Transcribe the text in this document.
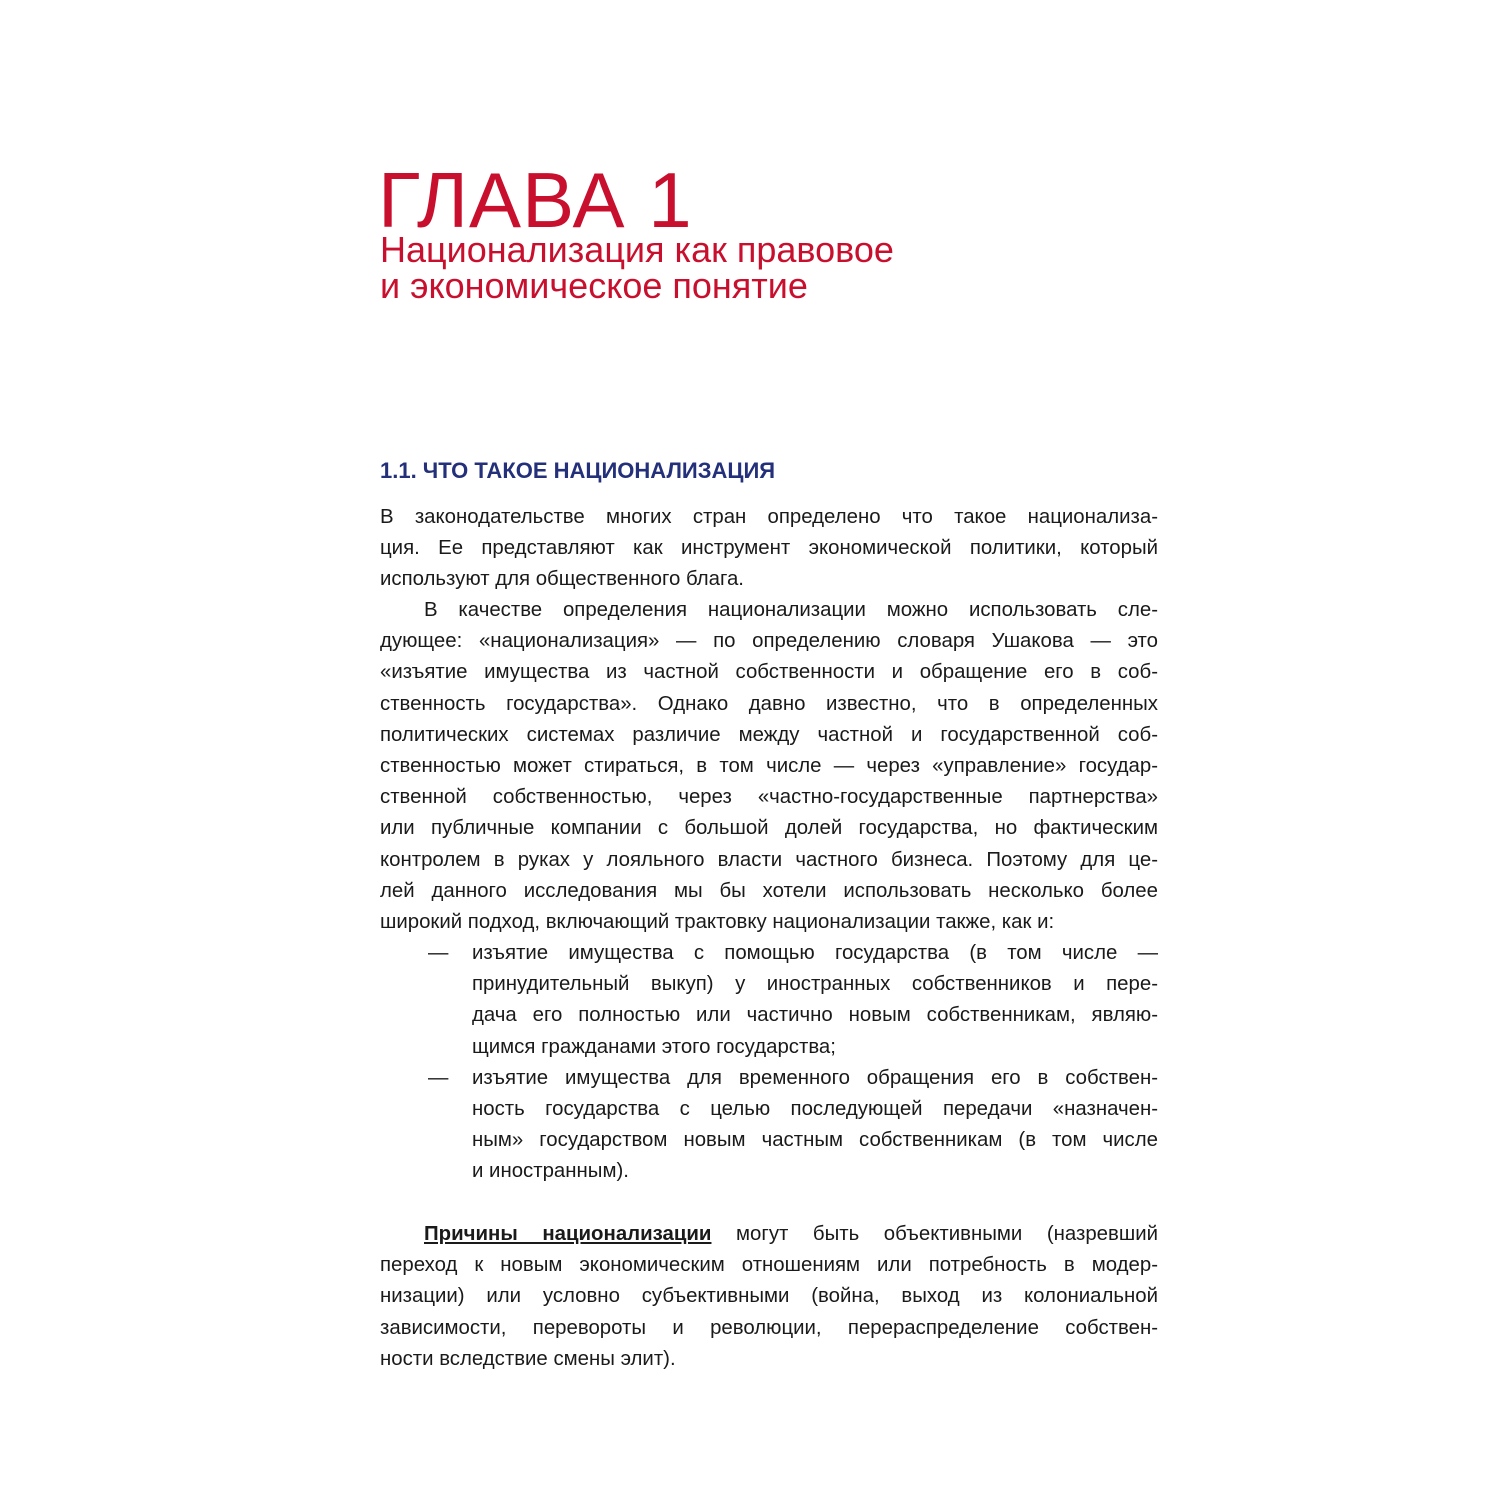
ГЛАВА 1
Национализация как правовое
и экономическое понятие
1.1. ЧТО ТАКОЕ НАЦИОНАЛИЗАЦИЯ
В законодательстве многих стран определено что такое национализа-
ция. Ее представляют как инструмент экономической политики, который
используют для общественного блага.
В качестве определения национализации можно использовать сле-
дующее: «национализация» — по определению словаря Ушакова — это
«изъятие имущества из частной собственности и обращение его в соб-
ственность государства». Однако давно известно, что в определенных
политических системах различие между частной и государственной соб-
ственностью может стираться, в том числе — через «управление» государ-
ственной собственностью, через «частно-государственные партнерства»
или публичные компании с большой долей государства, но фактическим
контролем в руках у лояльного власти частного бизнеса. Поэтому для це-
лей данного исследования мы бы хотели использовать несколько более
широкий подход, включающий трактовку национализации также, как и:
— изъятие имущества с помощью государства (в том числе —
принудительный выкуп) у иностранных собственников и пере-
дача его полностью или частично новым собственникам, являю-
щимся гражданами этого государства;
— изъятие имущества для временного обращения его в собствен-
ность государства с целью последующей передачи «назначен-
ным» государством новым частным собственникам (в том числе
и иностранным).
Причины национализации могут быть объективными (назревший
переход к новым экономическим отношениям или потребность в модер-
низации) или условно субъективными (война, выход из колониальной
зависимости, перевороты и революции, перераспределение собствен-
ности вследствие смены элит).
